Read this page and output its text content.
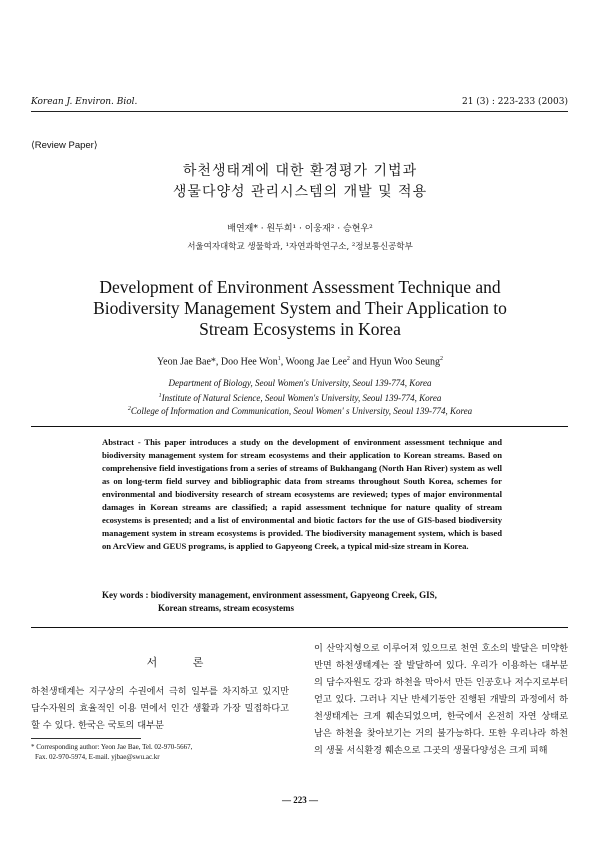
Korean J. Environ. Biol.	21 (3) : 223-233 (2003)
⟨Review Paper⟩
하천생태계에 대한 환경평가 기법과
생물다양성 관리시스템의 개발 및 적용
배연재* · 원두희¹ · 이웅재² · 승현우²
서울여자대학교 생물학과, ¹자연과학연구소, ²정보통신공학부
Development of Environment Assessment Technique and
Biodiversity Management System and Their Application to
Stream Ecosystems in Korea
Yeon Jae Bae*, Doo Hee Won$^1$, Woong Jae Lee$^2$ and Hyun Woo Seung$^2$
Department of Biology, Seoul Women's University, Seoul 139-774, Korea
$^1$Institute of Natural Science, Seoul Women's University, Seoul 139-774, Korea
$^2$College of Information and Communication, Seoul Women' s University, Seoul 139-774, Korea
Abstract - This paper introduces a study on the development of environment assessment technique and biodiversity management system for stream ecosystems and their application to Korean streams. Based on comprehensive field investigations from a series of streams of Bukhangang (North Han River) system as well as on long-term field survey and bibliographic data from streams throughout South Korea, schemes for environmental and biodiversity research of stream ecosystems are reviewed; types of major environmental damages in Korean streams are classified; a rapid assessment technique for nature quality of stream ecosystems is presented; and a list of environmental and biotic factors for the use of GIS-based biodiversity management system in stream ecosystems is provided. The biodiversity management system, which is based on ArcView and GEUS programs, is applied to Gapyeong Creek, a typical mid-size stream in Korea.
Key words : biodiversity management, environment assessment, Gapyeong Creek, GIS,
Korean streams, stream ecosystems
서 론
하천생태계는 지구상의 수권에서 극히 일부를 차지하고 있지만 담수자원의 효율적인 이용 면에서 인간 생활과 가장 밀접하다고 할 수 있다. 한국은 국토의 대부분
이 산악지형으로 이루어져 있으므로 천연 호소의 발달은 미약한 반면 하천생태계는 잘 발달하여 있다. 우리가 이용하는 대부분의 담수자원도 강과 하천을 막아서 만든 인공호나 저수지로부터 얻고 있다. 그러나 지난 반세기동안 진행된 개발의 과정에서 하천생태계는 크게 훼손되었으며, 한국에서 온전히 자연 상태로 남은 하천을 찾아보기는 거의 불가능하다. 또한 우리나라 하천의 생물 서식환경 훼손으로 그곳의 생물다양성은 크게 피해
* Corresponding author: Yeon Jae Bae, Tel. 02-970-5667,
Fax. 02-970-5974, E-mail. yjbae@swu.ac.kr
— 223 —
